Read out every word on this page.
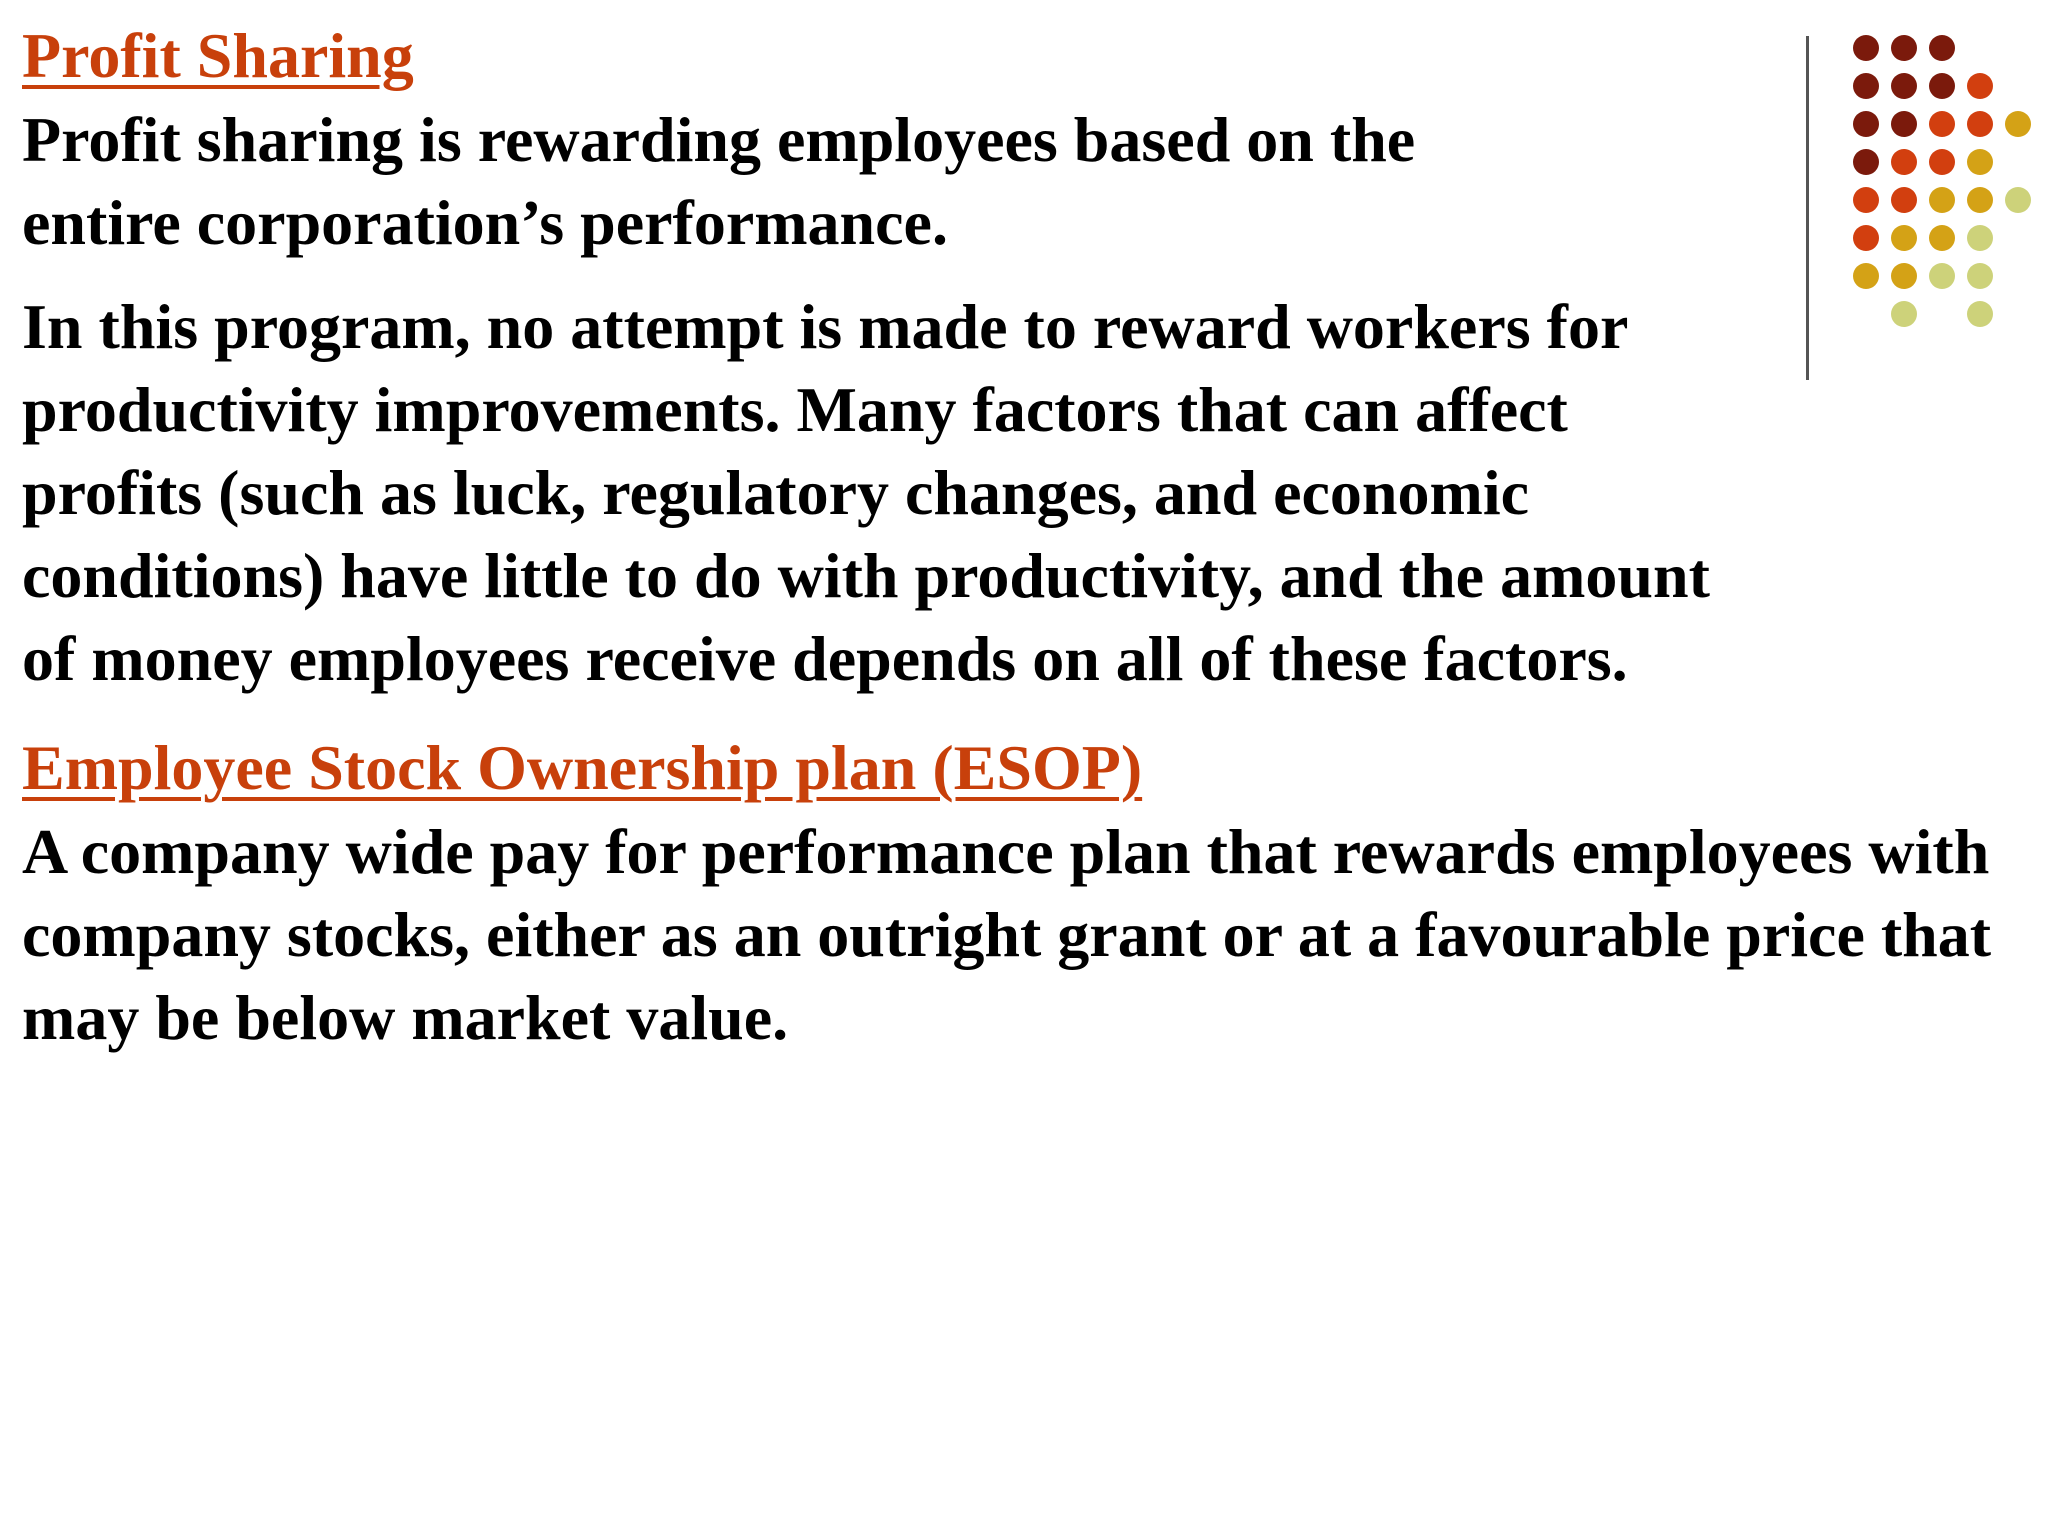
Profit Sharing

Profit sharing is rewarding employees based on the entire corporation’s performance.

In this program, no attempt is made to reward workers for productivity improvements. Many factors that can affect profits (such as luck, regulatory changes, and economic conditions) have little to do with productivity, and the amount of money employees receive depends on all of these factors.

Employee Stock Ownership plan (ESOP)

A company wide pay for performance plan that rewards employees with company stocks, either as an outright grant or at a favourable price that may be below market value.
